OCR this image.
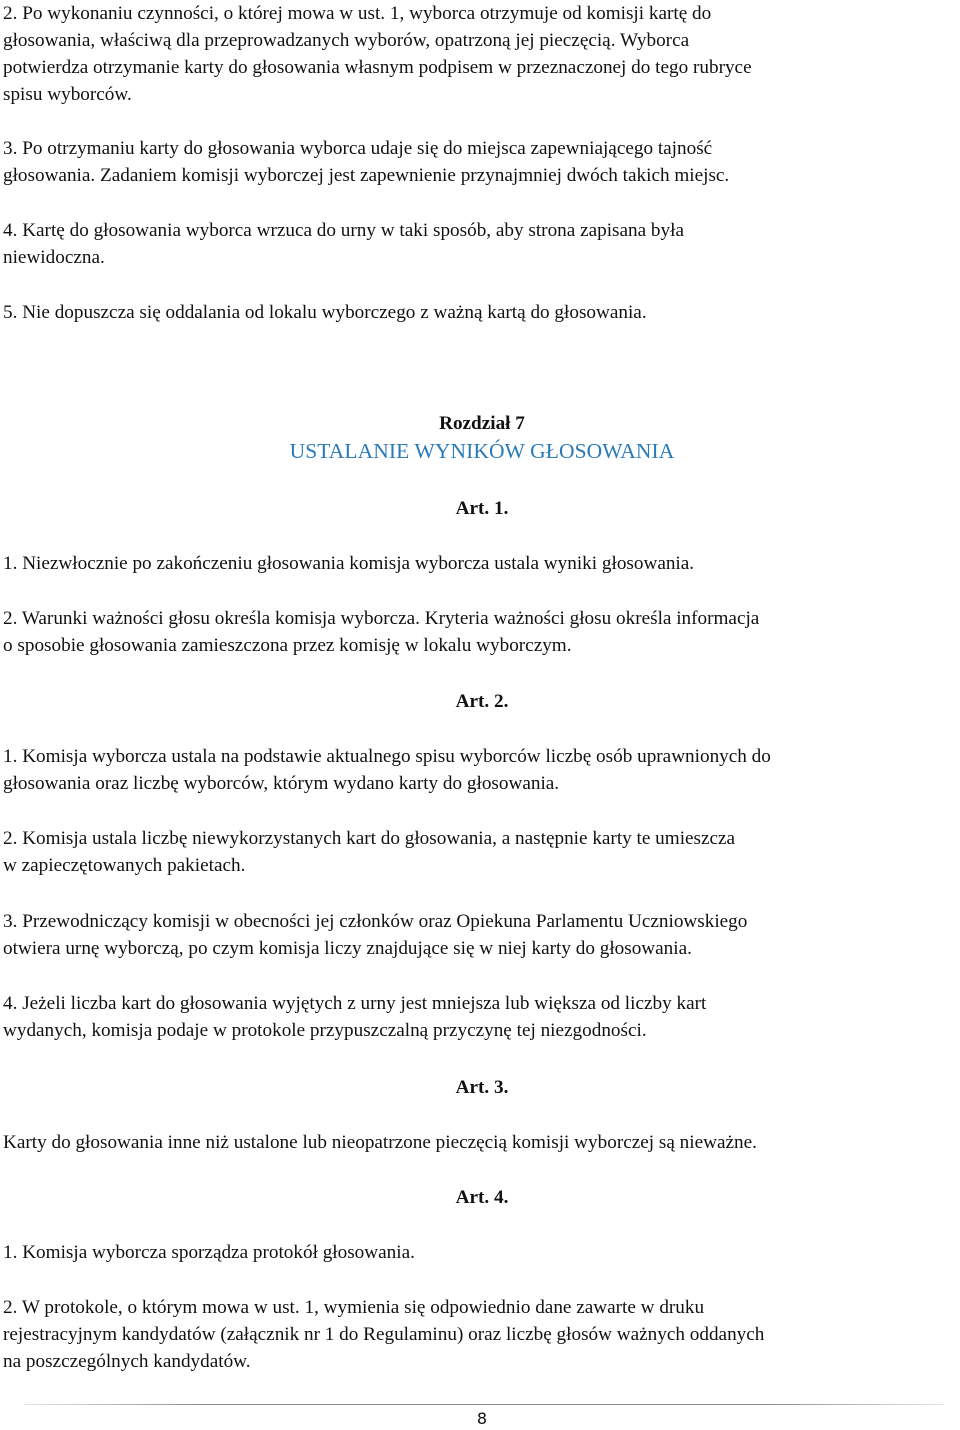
2. Po wykonaniu czynności, o której mowa w ust. 1, wyborca otrzymuje od komisji kartę do
głosowania, właściwą dla przeprowadzanych wyborów, opatrzoną jej pieczęcią. Wyborca
potwierdza otrzymanie karty do głosowania własnym podpisem w przeznaczonej do tego rubryce
spisu wyborców.

3. Po otrzymaniu karty do głosowania wyborca udaje się do miejsca zapewniającego tajność
głosowania. Zadaniem komisji wyborczej jest zapewnienie przynajmniej dwóch takich miejsc.

4. Kartę do głosowania wyborca wrzuca do urny w taki sposób, aby strona zapisana była
niewidoczna.

5. Nie dopuszcza się oddalania od lokalu wyborczego z ważną kartą do głosowania.

Rozdział 7

USTALANIE WYNIKÓW GŁOSOWANIA

Art. 1.

1. Niezwłocznie po zakończeniu głosowania komisja wyborcza ustala wyniki głosowania.

2. Warunki ważności głosu określa komisja wyborcza. Kryteria ważności głosu określa informacja
o sposobie głosowania zamieszczona przez komisję w lokalu wyborczym.

Art. 2.

1. Komisja wyborcza ustala na podstawie aktualnego spisu wyborców liczbę osób uprawnionych do
głosowania oraz liczbę wyborców, którym wydano karty do głosowania.

2. Komisja ustala liczbę niewykorzystanych kart do głosowania, a następnie karty te umieszcza
w zapieczętowanych pakietach.

3. Przewodniczący komisji w obecności jej członków oraz Opiekuna Parlamentu Uczniowskiego
otwiera urnę wyborczą, po czym komisja liczy znajdujące się w niej karty do głosowania.

4. Jeżeli liczba kart do głosowania wyjętych z urny jest mniejsza lub większa od liczby kart
wydanych, komisja podaje w protokole przypuszczalną przyczynę tej niezgodności.

Art. 3.

Karty do głosowania inne niż ustalone lub nieopatrzone pieczęcią komisji wyborczej są nieważne.

Art. 4.

1. Komisja wyborcza sporządza protokół głosowania.

2. W protokole, o którym mowa w ust. 1, wymienia się odpowiednio dane zawarte w druku
rejestracyjnym kandydatów (załącznik nr 1 do Regulaminu) oraz liczbę głosów ważnych oddanych
na poszczególnych kandydatów.

8
